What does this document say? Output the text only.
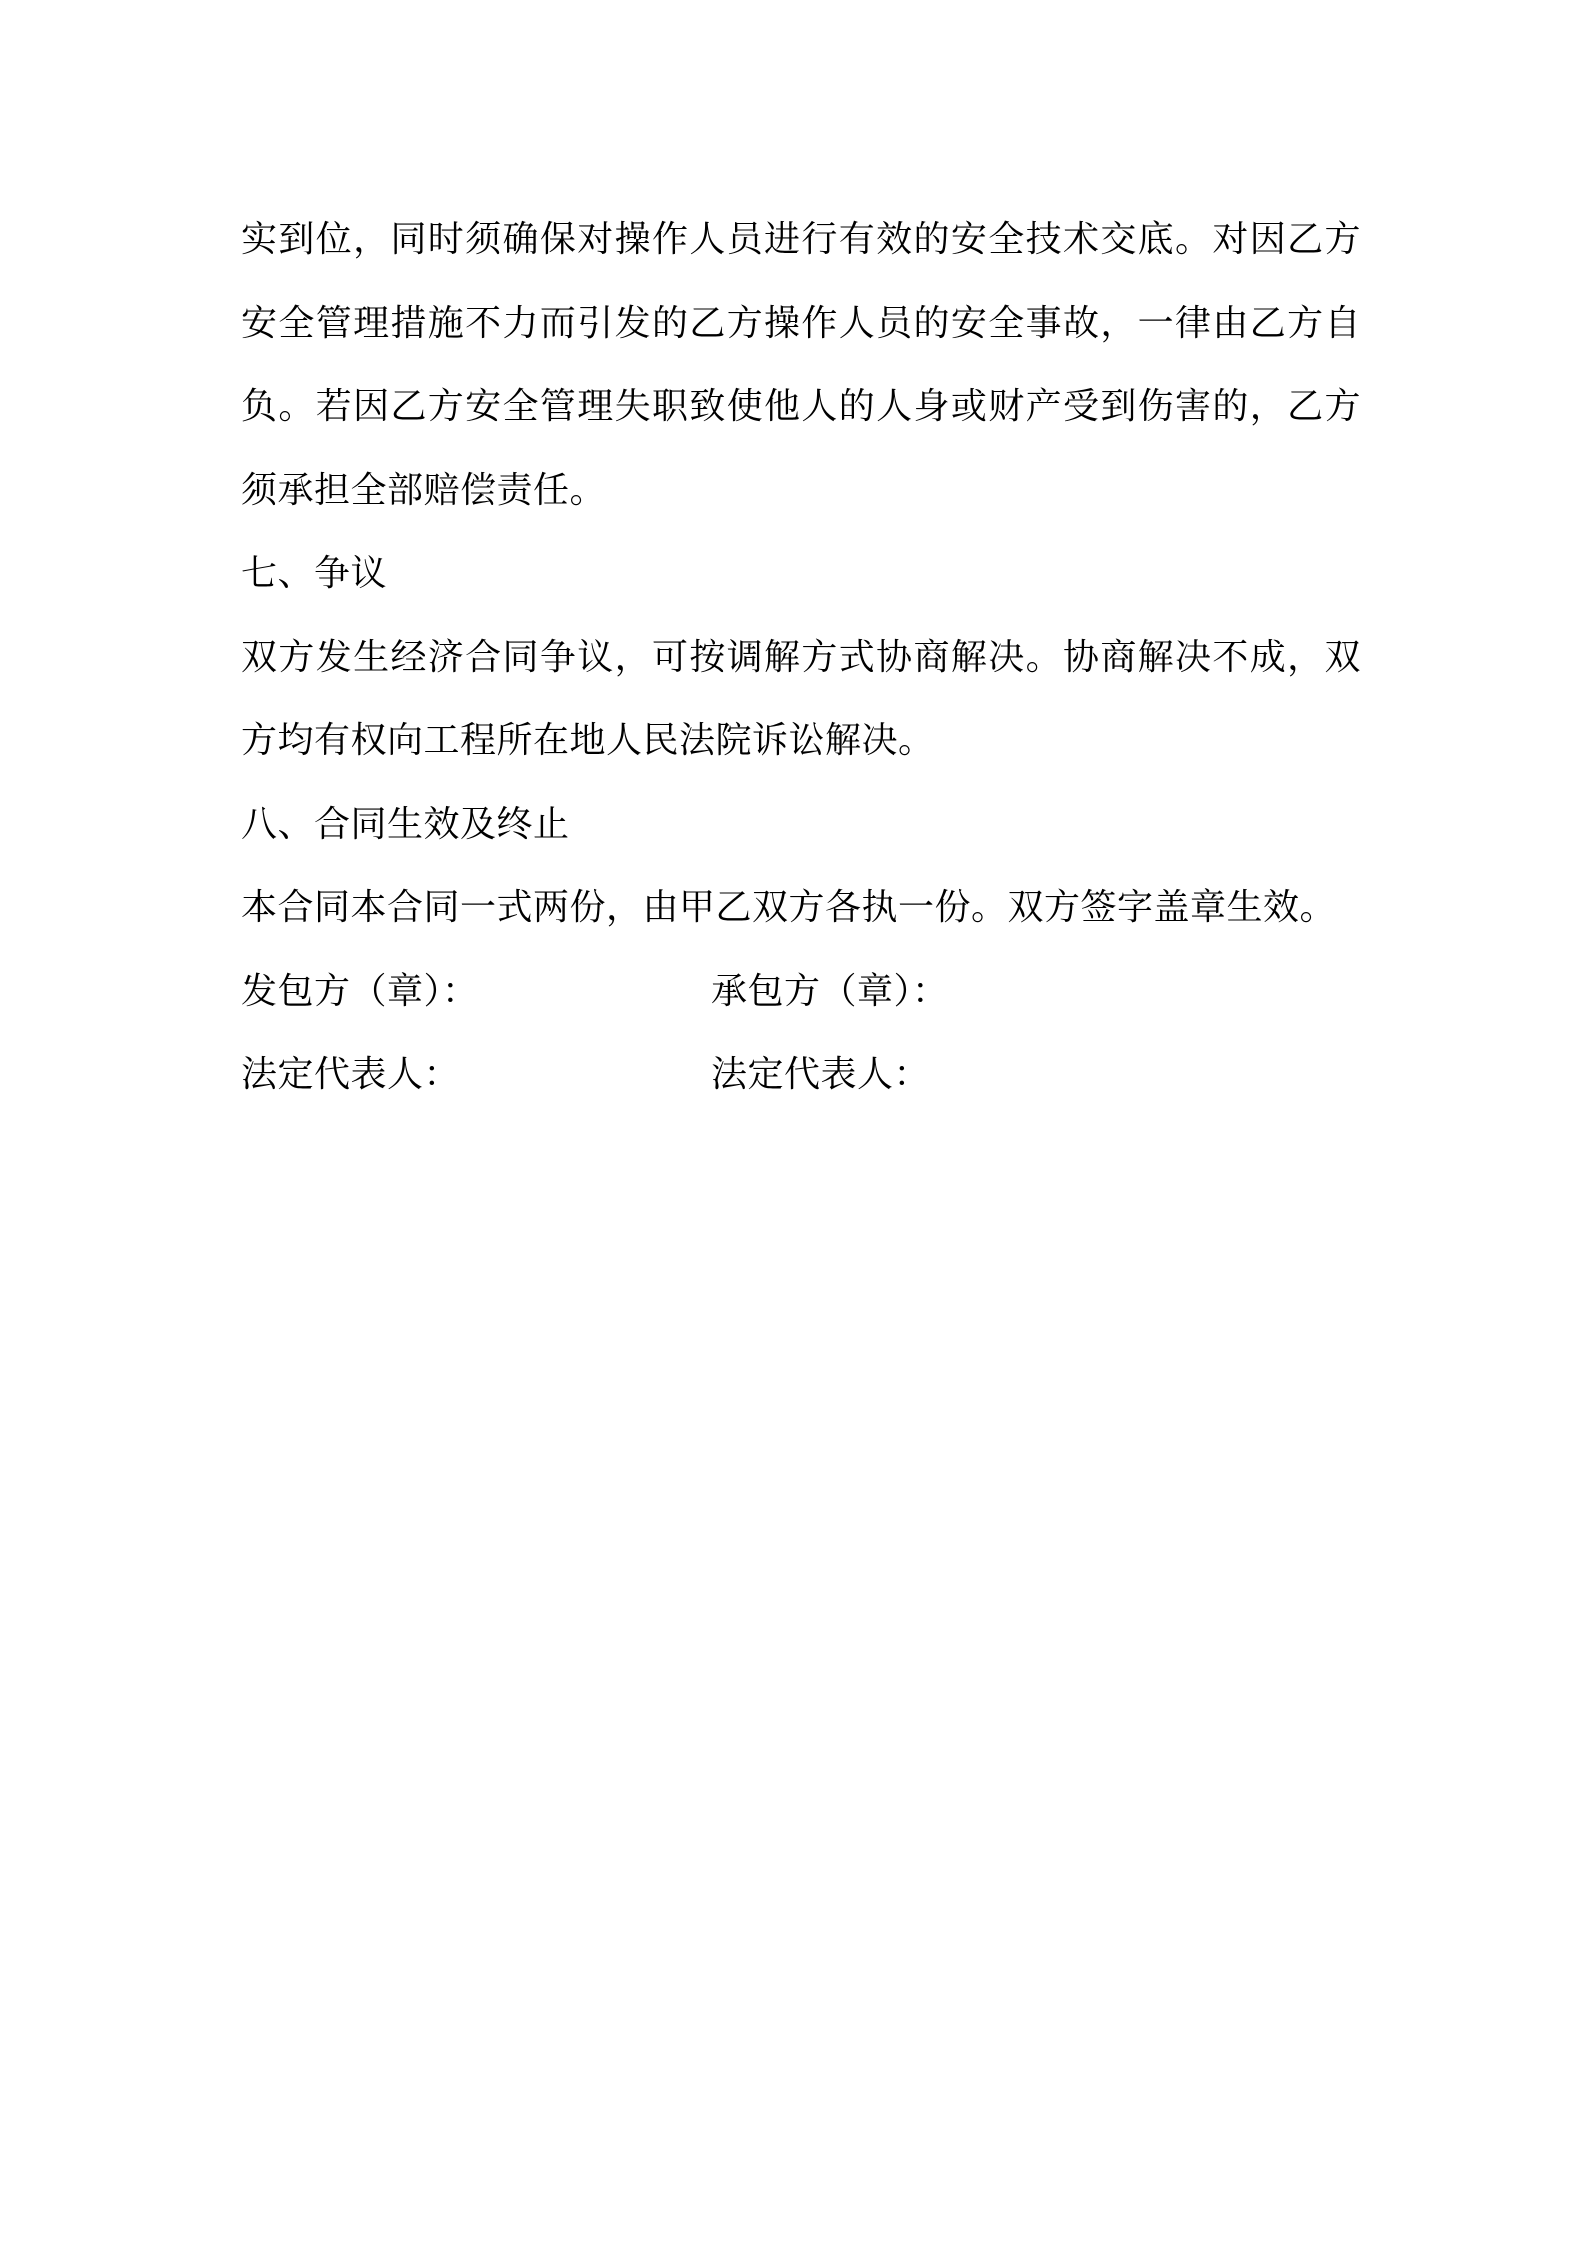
实到位，同时须确保对操作人员进行有效的安全技术交底。对因乙方安全管理措施不力而引发的乙方操作人员的安全事故，一律由乙方自负。若因乙方安全管理失职致使他人的人身或财产受到伤害的，乙方须承担全部赔偿责任。

七、争议

双方发生经济合同争议，可按调解方式协商解决。协商解决不成，双方均有权向工程所在地人民法院诉讼解决。

八、合同生效及终止

本合同本合同一式两份，由甲乙双方各执一份。双方签字盖章生效。

发包方（章）：	承包方（章）：
法定代表人：	法定代表人：
